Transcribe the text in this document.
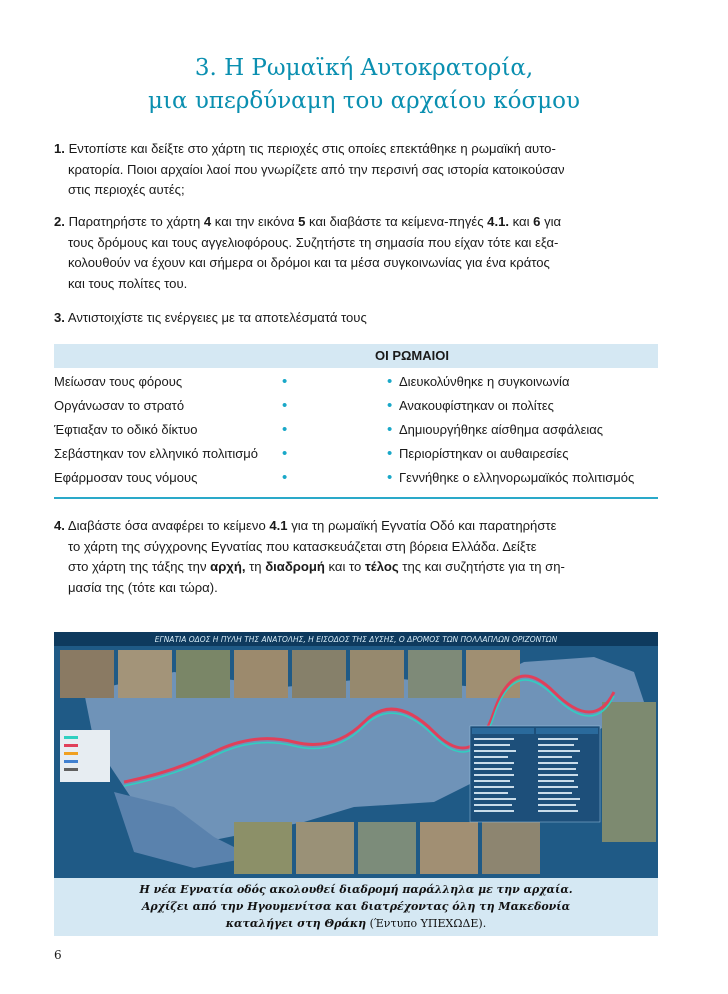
3. Η Ρωμαϊκή Αυτοκρατορία,
μια υπερδύναμη του αρχαίου κόσμου
1. Εντοπίστε και δείξτε στο χάρτη τις περιοχές στις οποίες επεκτάθηκε η ρωμαϊκή αυτο-
κρατορία. Ποιοι αρχαίοι λαοί που γνωρίζετε από την περσινή σας ιστορία κατοικούσαν
στις περιοχές αυτές;
2. Παρατηρήστε το χάρτη 4 και την εικόνα 5 και διαβάστε τα κείμενα-πηγές 4.1. και 6 για
τους δρόμους και τους αγγελιοφόρους. Συζητήστε τη σημασία που είχαν τότε και εξα-
κολουθούν να έχουν και σήμερα οι δρόμοι και τα μέσα συγκοινωνίας για ένα κράτος
και τους πολίτες του.
3. Αντιστοιχίστε τις ενέργειες με τα αποτελέσματά τους
ΟΙ ΡΩΜΑΙΟΙ
Μείωσαν τους φόρους	•	• Διευκολύνθηκε η συγκοινωνία
Οργάνωσαν το στρατό	•	• Ανακουφίστηκαν οι πολίτες
Έφτιαξαν το οδικό δίκτυο	•	• Δημιουργήθηκε αίσθημα ασφάλειας
Σεβάστηκαν τον ελληνικό πολιτισμό •	• Περιορίστηκαν οι αυθαιρεσίες
Εφάρμοσαν τους νόμους	•	• Γεννήθηκε ο ελληνορωμαϊκός πολιτισμός
4. Διαβάστε όσα αναφέρει το κείμενο 4.1 για τη ρωμαϊκή Εγνατία Οδό και παρατηρήστε
το χάρτη της σύγχρονης Εγνατίας που κατασκευάζεται στη βόρεια Ελλάδα. Δείξτε
στο χάρτη της τάξης την αρχή, τη διαδρομή και το τέλος της και συζητήστε για τη ση-
μασία της (τότε και τώρα).
ΕΓΝΑΤΙΑ ΟΔΟΣ Η ΠΥΛΗ ΤΗΣ ΑΝΑΤΟΛΗΣ, Η ΕΙΣΟΔΟΣ ΤΗΣ ΔΥΣΗΣ, Ο ΔΡΟΜΟΣ ΤΩΝ ΠΟΛΛΑΠΛΩΝ ΟΡΙΖΟΝΤΩΝ
Η νέα Εγνατία οδός ακολουθεί διαδρομή παράλληλα με την αρχαία.
Αρχίζει από την Ηγουμενίτσα και διατρέχοντας όλη τη Μακεδονία
καταλήγει στη Θράκη (Έντυπο ΥΠΕΧΩΔΕ).
6
